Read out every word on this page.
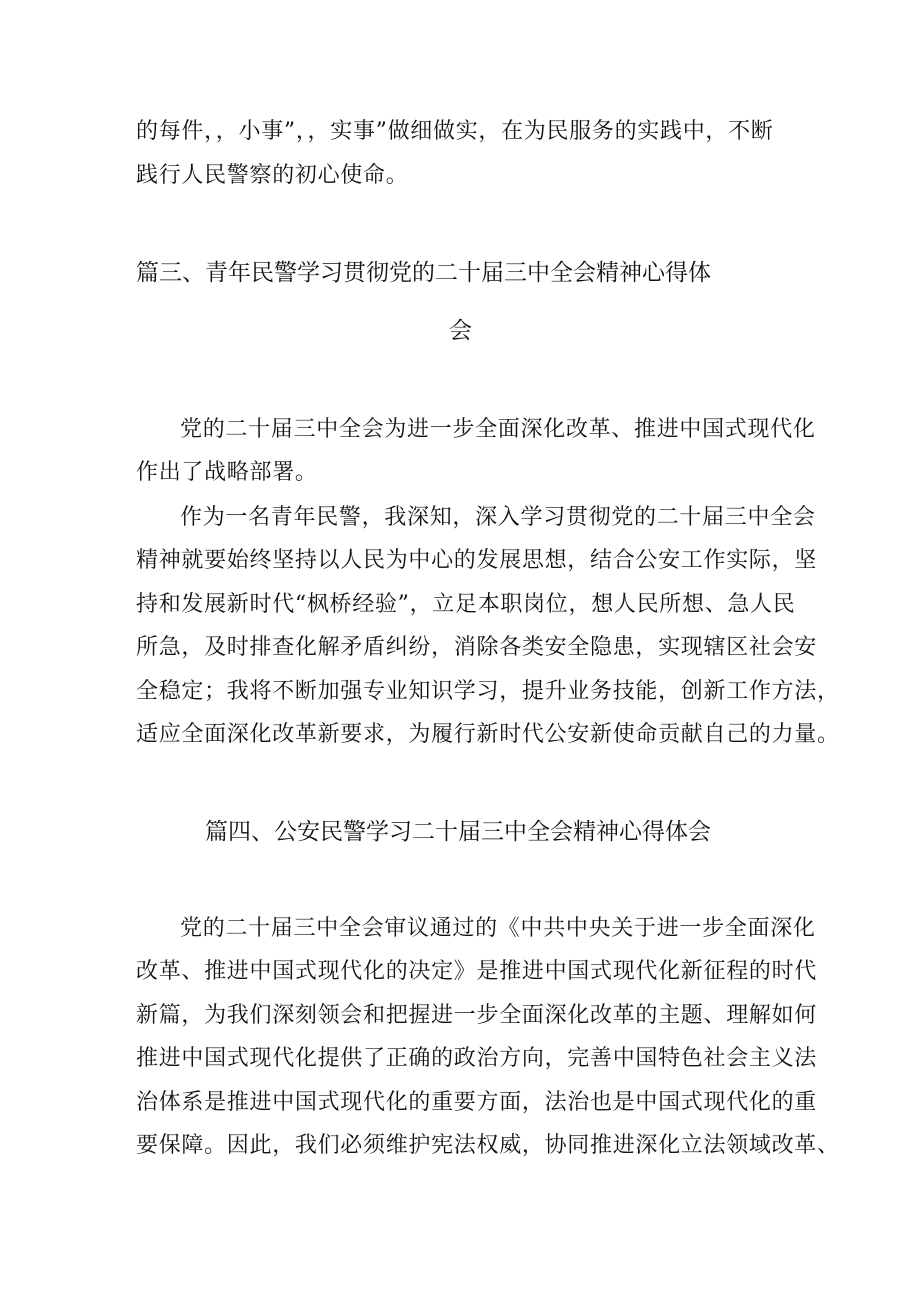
的每件，，小事”，，实事”做细做实，在为民服务的实践中，不断
践行人民警察的初心使命。
篇三、青年民警学习贯彻党的二十届三中全会精神心得体
会
党的二十届三中全会为进一步全面深化改革、推进中国式现代化
作出了战略部署。
作为一名青年民警，我深知，深入学习贯彻党的二十届三中全会
精神就要始终坚持以人民为中心的发展思想，结合公安工作实际，坚
持和发展新时代“枫桥经验”，立足本职岗位，想人民所想、急人民
所急，及时排查化解矛盾纠纷，消除各类安全隐患，实现辖区社会安
全稳定；我将不断加强专业知识学习，提升业务技能，创新工作方法，
适应全面深化改革新要求，为履行新时代公安新使命贡献自己的力量。
篇四、公安民警学习二十届三中全会精神心得体会
党的二十届三中全会审议通过的《中共中央关于进一步全面深化
改革、推进中国式现代化的决定》是推进中国式现代化新征程的时代
新篇，为我们深刻领会和把握进一步全面深化改革的主题、理解如何
推进中国式现代化提供了正确的政治方向，完善中国特色社会主义法
治体系是推进中国式现代化的重要方面，法治也是中国式现代化的重
要保障。因此，我们必须维护宪法权威，协同推进深化立法领域改革、
